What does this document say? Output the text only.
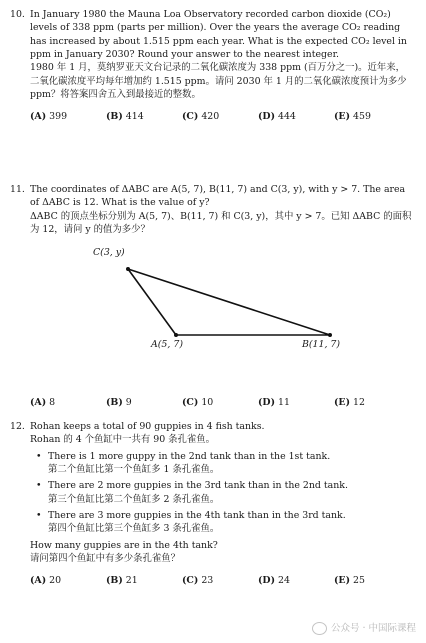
10. In January 1980 the Mauna Loa Observatory recorded carbon dioxide (CO₂) levels of 338 ppm (parts per million). Over the years the average CO₂ reading has increased by about 1.515 ppm each year. What is the expected CO₂ level in ppm in January 2030? Round your answer to the nearest integer.

1980 年 1 月，莫纳罗亚天文台记录的二氧化碳浓度为 338 ppm (百万分之一)。近年来，二氧化碳浓度平均每年增加约 1.515 ppm。请问 2030 年 1 月的二氧化碳浓度预计为多少 ppm？将答案四舍五入到最接近的整数。

(A) 399	(B) 414	(C) 420	(D) 444	(E) 459
11. The coordinates of ΔABC are A(5, 7), B(11, 7) and C(3, y), with y > 7. The area of ΔABC is 12. What is the value of y?

ΔABC 的顶点坐标分别为 A(5, 7)、B(11, 7) 和 C(3, y)，其中 y > 7。已知 ΔABC 的面积为 12，请问 y 的值为多少？

C(3, y)
A(5, 7)	B(11, 7)
(A) 8	(B) 9	(C) 10	(D) 11	(E) 12
12. Rohan keeps a total of 90 guppies in 4 fish tanks.

Rohan 的 4 个鱼缸中一共有 90 条孔雀鱼。

• There is 1 more guppy in the 2nd tank than in the 1st tank.

第二个鱼缸比第一个鱼缸多 1 条孔雀鱼。

• There are 2 more guppies in the 3rd tank than in the 2nd tank.

第三个鱼缸比第二个鱼缸多 2 条孔雀鱼。

• There are 3 more guppies in the 4th tank than in the 3rd tank.

第四个鱼缸比第三个鱼缸多 3 条孔雀鱼。

How many guppies are in the 4th tank?

请问第四个鱼缸中有多少条孔雀鱼？

(A) 20	(B) 21	(C) 23	(D) 24	(E) 25
公众号 · 中国际课程
